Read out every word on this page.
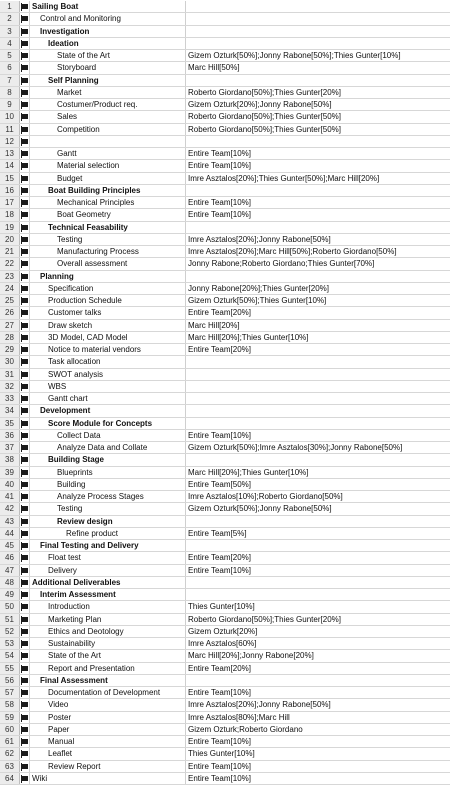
1	Sailing Boat
2	Control and Monitoring
3	Investigation
4	Ideation
5	State of the Art	Gizem Ozturk[50%];Jonny Rabone[50%];Thies Gunter[10%]
6	Storyboard	Marc Hill[50%]
7	Self Planning
8	Market	Roberto Giordano[50%];Thies Gunter[20%]
9	Costumer/Product req.	Gizem Ozturk[20%];Jonny Rabone[50%]
10	Sales	Roberto Giordano[50%];Thies Gunter[50%]
11	Competition	Roberto Giordano[50%];Thies Gunter[50%]
12
13	Gantt	Entire Team[10%]
14	Material selection	Entire Team[10%]
15	Budget	Imre Asztalos[20%];Thies Gunter[50%];Marc Hill[20%]
16	Boat Building Principles
17	Mechanical Principles	Entire Team[10%]
18	Boat Geometry	Entire Team[10%]
19	Technical Feasability
20	Testing	Imre Asztalos[20%];Jonny Rabone[50%]
21	Manufacturing Process	Imre Asztalos[20%];Marc Hill[50%];Roberto Giordano[50%]
22	Overall assessment	Jonny Rabone;Roberto Giordano;Thies Gunter[70%]
23	Planning
24	Specification	Jonny Rabone[20%];Thies Gunter[20%]
25	Production Schedule	Gizem Ozturk[50%];Thies Gunter[10%]
26	Customer talks	Entire Team[20%]
27	Draw sketch	Marc Hill[20%]
28	3D Model, CAD Model	Marc Hill[20%];Thies Gunter[10%]
29	Notice to material vendors	Entire Team[20%]
30	Task allocation
31	SWOT analysis
32	WBS
33	Gantt chart
34	Development
35	Score Module for Concepts
36	Collect Data	Entire Team[10%]
37	Analyze Data and Collate	Gizem Ozturk[50%];Imre Asztalos[30%];Jonny Rabone[50%]
38	Building Stage
39	Blueprints	Marc Hill[20%];Thies Gunter[10%]
40	Building	Entire Team[50%]
41	Analyze Process Stages	Imre Asztalos[10%];Roberto Giordano[50%]
42	Testing	Gizem Ozturk[50%];Jonny Rabone[50%]
43	Review design
44	Refine product	Entire Team[5%]
45	Final Testing and Delivery
46	Float test	Entire Team[20%]
47	Delivery	Entire Team[10%]
48	Additional Deliverables
49	Interim Assessment
50	Introduction	Thies Gunter[10%]
51	Marketing Plan	Roberto Giordano[50%];Thies Gunter[20%]
52	Ethics and Deotology	Gizem Ozturk[20%]
53	Sustainability	Imre Asztalos[60%]
54	State of the Art	Marc Hill[20%];Jonny Rabone[20%]
55	Report and Presentation	Entire Team[20%]
56	Final Assessment
57	Documentation of Development	Entire Team[10%]
58	Video	Imre Asztalos[20%];Jonny Rabone[50%]
59	Poster	Imre Asztalos[80%];Marc Hill
60	Paper	Gizem Ozturk;Roberto Giordano
61	Manual	Entire Team[10%]
62	Leaflet	Thies Gunter[10%]
63	Review Report	Entire Team[10%]
64	Wiki	Entire Team[10%]
